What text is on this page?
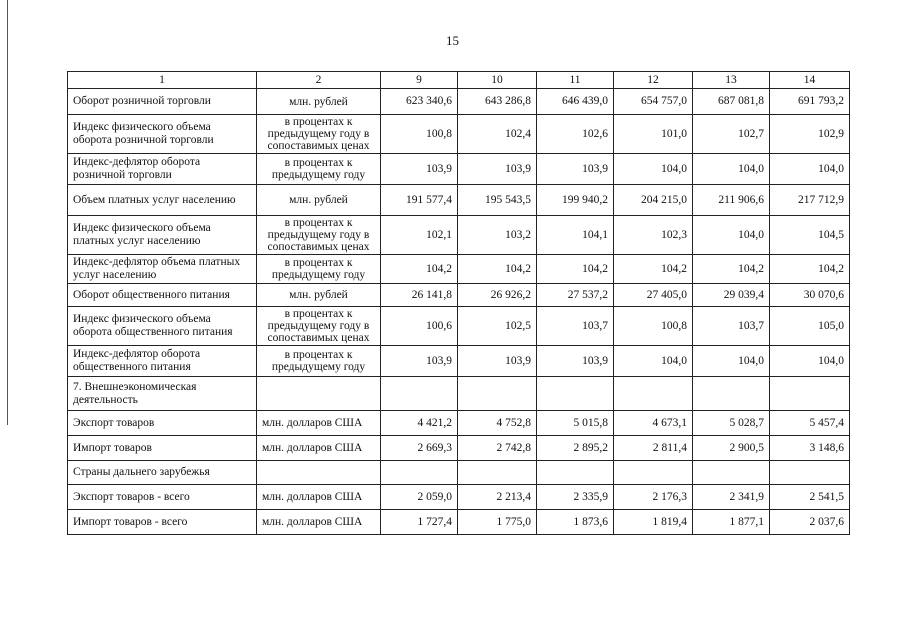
15
1	2	9	10	11	12	13	14
Оборот розничной торговли	млн. рублей	623 340,6	643 286,8	646 439,0	654 757,0	687 081,8	691 793,2
Индекс физического объема оборота розничной торговли	в процентах к предыдущему году в сопоставимых ценах	100,8	102,4	102,6	101,0	102,7	102,9
Индекс-дефлятор оборота розничной торговли	в процентах к предыдущему году	103,9	103,9	103,9	104,0	104,0	104,0
Объем платных услуг населению	млн. рублей	191 577,4	195 543,5	199 940,2	204 215,0	211 906,6	217 712,9
Индекс физического объема платных услуг населению	в процентах к предыдущему году в сопоставимых ценах	102,1	103,2	104,1	102,3	104,0	104,5
Индекс-дефлятор объема платных услуг населению	в процентах к предыдущему году	104,2	104,2	104,2	104,2	104,2	104,2
Оборот общественного питания	млн. рублей	26 141,8	26 926,2	27 537,2	27 405,0	29 039,4	30 070,6
Индекс физического объема оборота общественного питания	в процентах к предыдущему году в сопоставимых ценах	100,6	102,5	103,7	100,8	103,7	105,0
Индекс-дефлятор оборота общественного питания	в процентах к предыдущему году	103,9	103,9	103,9	104,0	104,0	104,0
7. Внешнеэкономическая деятельность							
Экспорт товаров	млн. долларов США	4 421,2	4 752,8	5 015,8	4 673,1	5 028,7	5 457,4
Импорт товаров	млн. долларов США	2 669,3	2 742,8	2 895,2	2 811,4	2 900,5	3 148,6
Страны дальнего зарубежья							
Экспорт товаров - всего	млн. долларов США	2 059,0	2 213,4	2 335,9	2 176,3	2 341,9	2 541,5
Импорт товаров - всего	млн. долларов США	1 727,4	1 775,0	1 873,6	1 819,4	1 877,1	2 037,6
